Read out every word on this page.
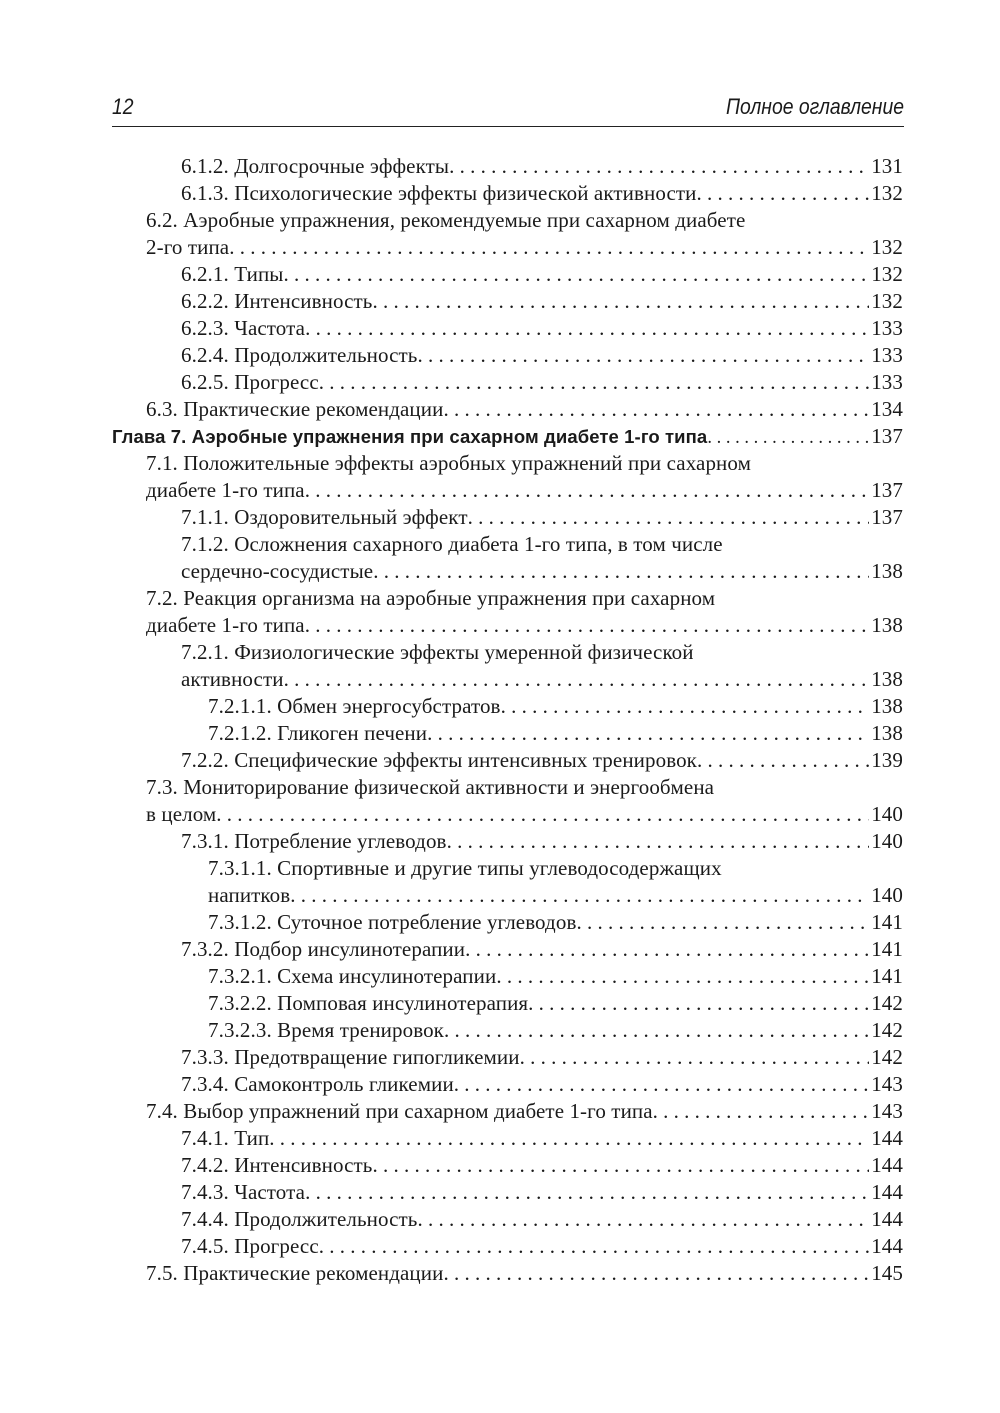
12	Полное оглавление
6.1.2. Долгосрочные эффекты . . .	131
6.1.3. Психологические эффекты физической активности . . .	132
6.2. Аэробные упражнения, рекомендуемые при сахарном диабете
2-го типа . . .	132
6.2.1. Типы . . .	132
6.2.2. Интенсивность . . .	132
6.2.3. Частота . . .	133
6.2.4. Продолжительность . . .	133
6.2.5. Прогресс . . .	133
6.3. Практические рекомендации . . .	134
Глава 7. Аэробные упражнения при сахарном диабете 1-го типа . . .	137
7.1. Положительные эффекты аэробных упражнений при сахарном
диабете 1-го типа . . .	137
7.1.1. Оздоровительный эффект . . .	137
7.1.2. Осложнения сахарного диабета 1-го типа, в том числе
сердечно-сосудистые . . .	138
7.2. Реакция организма на аэробные упражнения при сахарном
диабете 1-го типа . . .	138
7.2.1. Физиологические эффекты умеренной физической
активности . . .	138
7.2.1.1. Обмен энергосубстратов . . .	138
7.2.1.2. Гликоген печени . . .	138
7.2.2. Специфические эффекты интенсивных тренировок . . .	139
7.3. Мониторирование физической активности и энергообмена
в целом . . .	140
7.3.1. Потребление углеводов . . .	140
7.3.1.1. Спортивные и другие типы углеводосодержащих
напитков . . .	140
7.3.1.2. Суточное потребление углеводов . . .	141
7.3.2. Подбор инсулинотерапии . . .	141
7.3.2.1. Схема инсулинотерапии . . .	141
7.3.2.2. Помповая инсулинотерапия . . .	142
7.3.2.3. Время тренировок . . .	142
7.3.3. Предотвращение гипогликемии . . .	142
7.3.4. Самоконтроль гликемии . . .	143
7.4. Выбор упражнений при сахарном диабете 1-го типа . . .	143
7.4.1. Тип . . .	144
7.4.2. Интенсивность . . .	144
7.4.3. Частота . . .	144
7.4.4. Продолжительность . . .	144
7.4.5. Прогресс . . .	144
7.5. Практические рекомендации . . .	145
